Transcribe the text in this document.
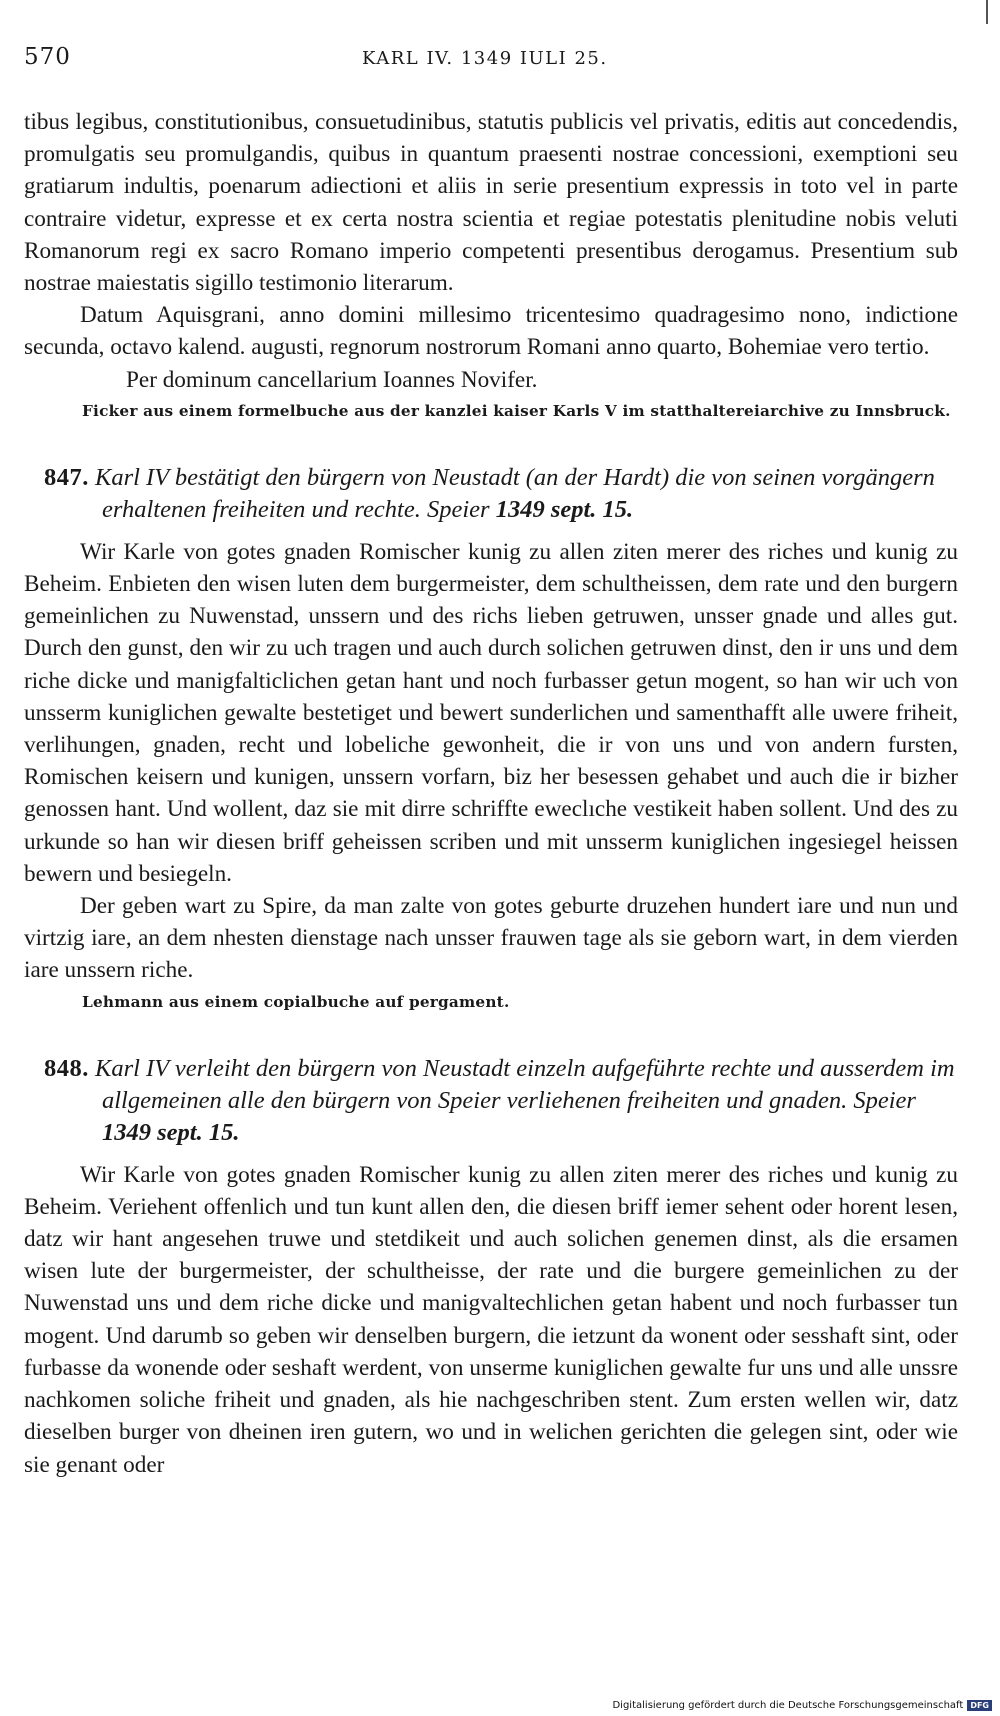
570	KARL IV. 1349 IULI 25.

tibus legibus, constitutionibus, consuetudinibus, statutis publicis vel privatis, editis aut concedendis, promulgatis seu promulgandis, quibus in quantum praesenti nostrae concessioni, exemptioni seu gratiarum indultis, poenarum adiectioni et aliis in serie presentium expressis in toto vel in parte contraire videtur, expresse et ex certa nostra scientia et regiae potestatis plenitudine nobis veluti Romanorum regi ex sacro Romano imperio competenti presentibus derogamus. Presentium sub nostrae maiestatis sigillo testimonio literarum.

Datum Aquisgrani, anno domini millesimo tricentesimo quadragesimo nono, indictione secunda, octavo kalend. augusti, regnorum nostrorum Romani anno quarto, Bohemiae vero tertio.

Per dominum cancellarium Ioannes Novifer.

Ficker aus einem formelbuche aus der kanzlei kaiser Karls V im statthaltereiarchive zu Innsbruck.
847. Karl IV bestätigt den bürgern von Neustadt (an der Hardt) die von seinen vorgängern erhaltenen freiheiten und rechte. Speier 1349 sept. 15.

Wir Karle von gotes gnaden Romischer kunig zu allen ziten merer des riches und kunig zu Beheim. Enbieten den wisen luten dem burgermeister, dem schultheissen, dem rate und den burgern gemeinlichen zu Nuwenstad, unssern und des richs lieben getruwen, unsser gnade und alles gut. Durch den gunst, den wir zu uch tragen und auch durch solichen getruwen dinst, den ir uns und dem riche dicke und manigfalticlichen getan hant und noch furbasser getun mogent, so han wir uch von unsserm kuniglichen gewalte bestetiget und bewert sunderlichen und samenthafft alle uwere friheit, verlihungen, gnaden, recht und lobeliche gewonheit, die ir von uns und von andern fursten, Romischen keisern und kunigen, unssern vorfarn, biz her besessen gehabet und auch die ir bizher genossen hant. Und wollent, daz sie mit dirre schriffte eweclıche vestikeit haben sollent. Und des zu urkunde so han wir diesen briff geheissen scriben und mit unsserm kuniglichen ingesiegel heissen bewern und besiegeln.

Der geben wart zu Spire, da man zalte von gotes geburte druzehen hundert iare und nun und virtzig iare, an dem nhesten dienstage nach unsser frauwen tage als sie geborn wart, in dem vierden iare unssern riche.

Lehmann aus einem copialbuche auf pergament.
848. Karl IV verleiht den bürgern von Neustadt einzeln aufgeführte rechte und ausserdem im allgemeinen alle den bürgern von Speier verliehenen freiheiten und gnaden. Speier 1349 sept. 15.

Wir Karle von gotes gnaden Romischer kunig zu allen ziten merer des riches und kunig zu Beheim. Veriehent offenlich und tun kunt allen den, die diesen briff iemer sehent oder horent lesen, datz wir hant angesehen truwe und stetdikeit und auch solichen genemen dinst, als die ersamen wisen lute der burgermeister, der schultheisse, der rate und die burgere gemeinlichen zu der Nuwenstad uns und dem riche dicke und manigvaltechlichen getan habent und noch furbasser tun mogent. Und darumb so geben wir denselben burgern, die ietzunt da wonent oder sesshaft sint, oder furbasse da wonende oder seshaft werdent, von unserme kuniglichen gewalte fur uns und alle unssre nachkomen soliche friheit und gnaden, als hie nachgeschriben stent. Zum ersten wellen wir, datz dieselben burger von dheinen iren gutern, wo und in welichen gerichten die gelegen sint, oder wie sie genant oder

Digitalisierung gefördert durch die Deutsche Forschungsgemeinschaft DFG
